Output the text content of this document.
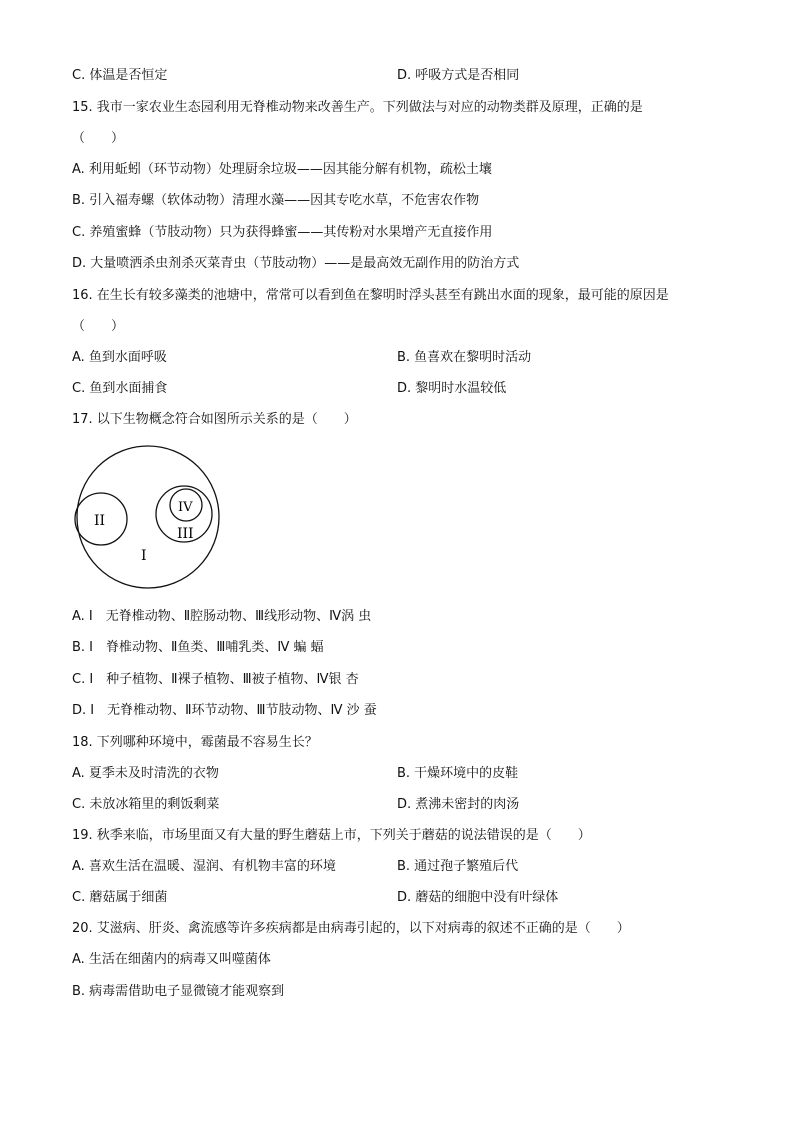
C. 体温是否恒定	D. 呼吸方式是否相同
15. 我市一家农业生态园利用无脊椎动物来改善生产。下列做法与对应的动物类群及原理，正确的是
（　　）
A. 利用蚯蚓（环节动物）处理厨余垃圾——因其能分解有机物，疏松土壤
B. 引入福寿螺（软体动物）清理水藻——因其专吃水草，不危害农作物
C. 养殖蜜蜂（节肢动物）只为获得蜂蜜——其传粉对水果增产无直接作用
D. 大量喷洒杀虫剂杀灭菜青虫（节肢动物）——是最高效无副作用的防治方式
16. 在生长有较多藻类的池塘中，常常可以看到鱼在黎明时浮头甚至有跳出水面的现象，最可能的原因是
（　　）
A. 鱼到水面呼吸	B. 鱼喜欢在黎明时活动
C. 鱼到水面捕食	D. 黎明时水温较低
17. 以下生物概念符合如图所示关系的是（　　）
I
II
III
IV
A. I　无脊椎动物、Ⅱ腔肠动物、Ⅲ线形动物、Ⅳ涡 虫
B. I　脊椎动物、Ⅱ鱼类、Ⅲ哺乳类、Ⅳ 蝙 蝠
C. I　种子植物、Ⅱ裸子植物、Ⅲ被子植物、Ⅳ银 杏
D. I　无脊椎动物、Ⅱ环节动物、Ⅲ节肢动物、Ⅳ 沙 蚕
18. 下列哪种环境中，霉菌最不容易生长？
A. 夏季未及时清洗的衣物	B. 干燥环境中的皮鞋
C. 未放冰箱里的剩饭剩菜	D. 煮沸未密封的肉汤
19. 秋季来临，市场里面又有大量的野生蘑菇上市，下列关于蘑菇的说法错误的是（　　）
A. 喜欢生活在温暖、湿润、有机物丰富的环境	B. 通过孢子繁殖后代
C. 蘑菇属于细菌	D. 蘑菇的细胞中没有叶绿体
20. 艾滋病、肝炎、禽流感等许多疾病都是由病毒引起的，以下对病毒的叙述不正确的是（　　）
A. 生活在细菌内的病毒又叫噬菌体
B. 病毒需借助电子显微镜才能观察到
